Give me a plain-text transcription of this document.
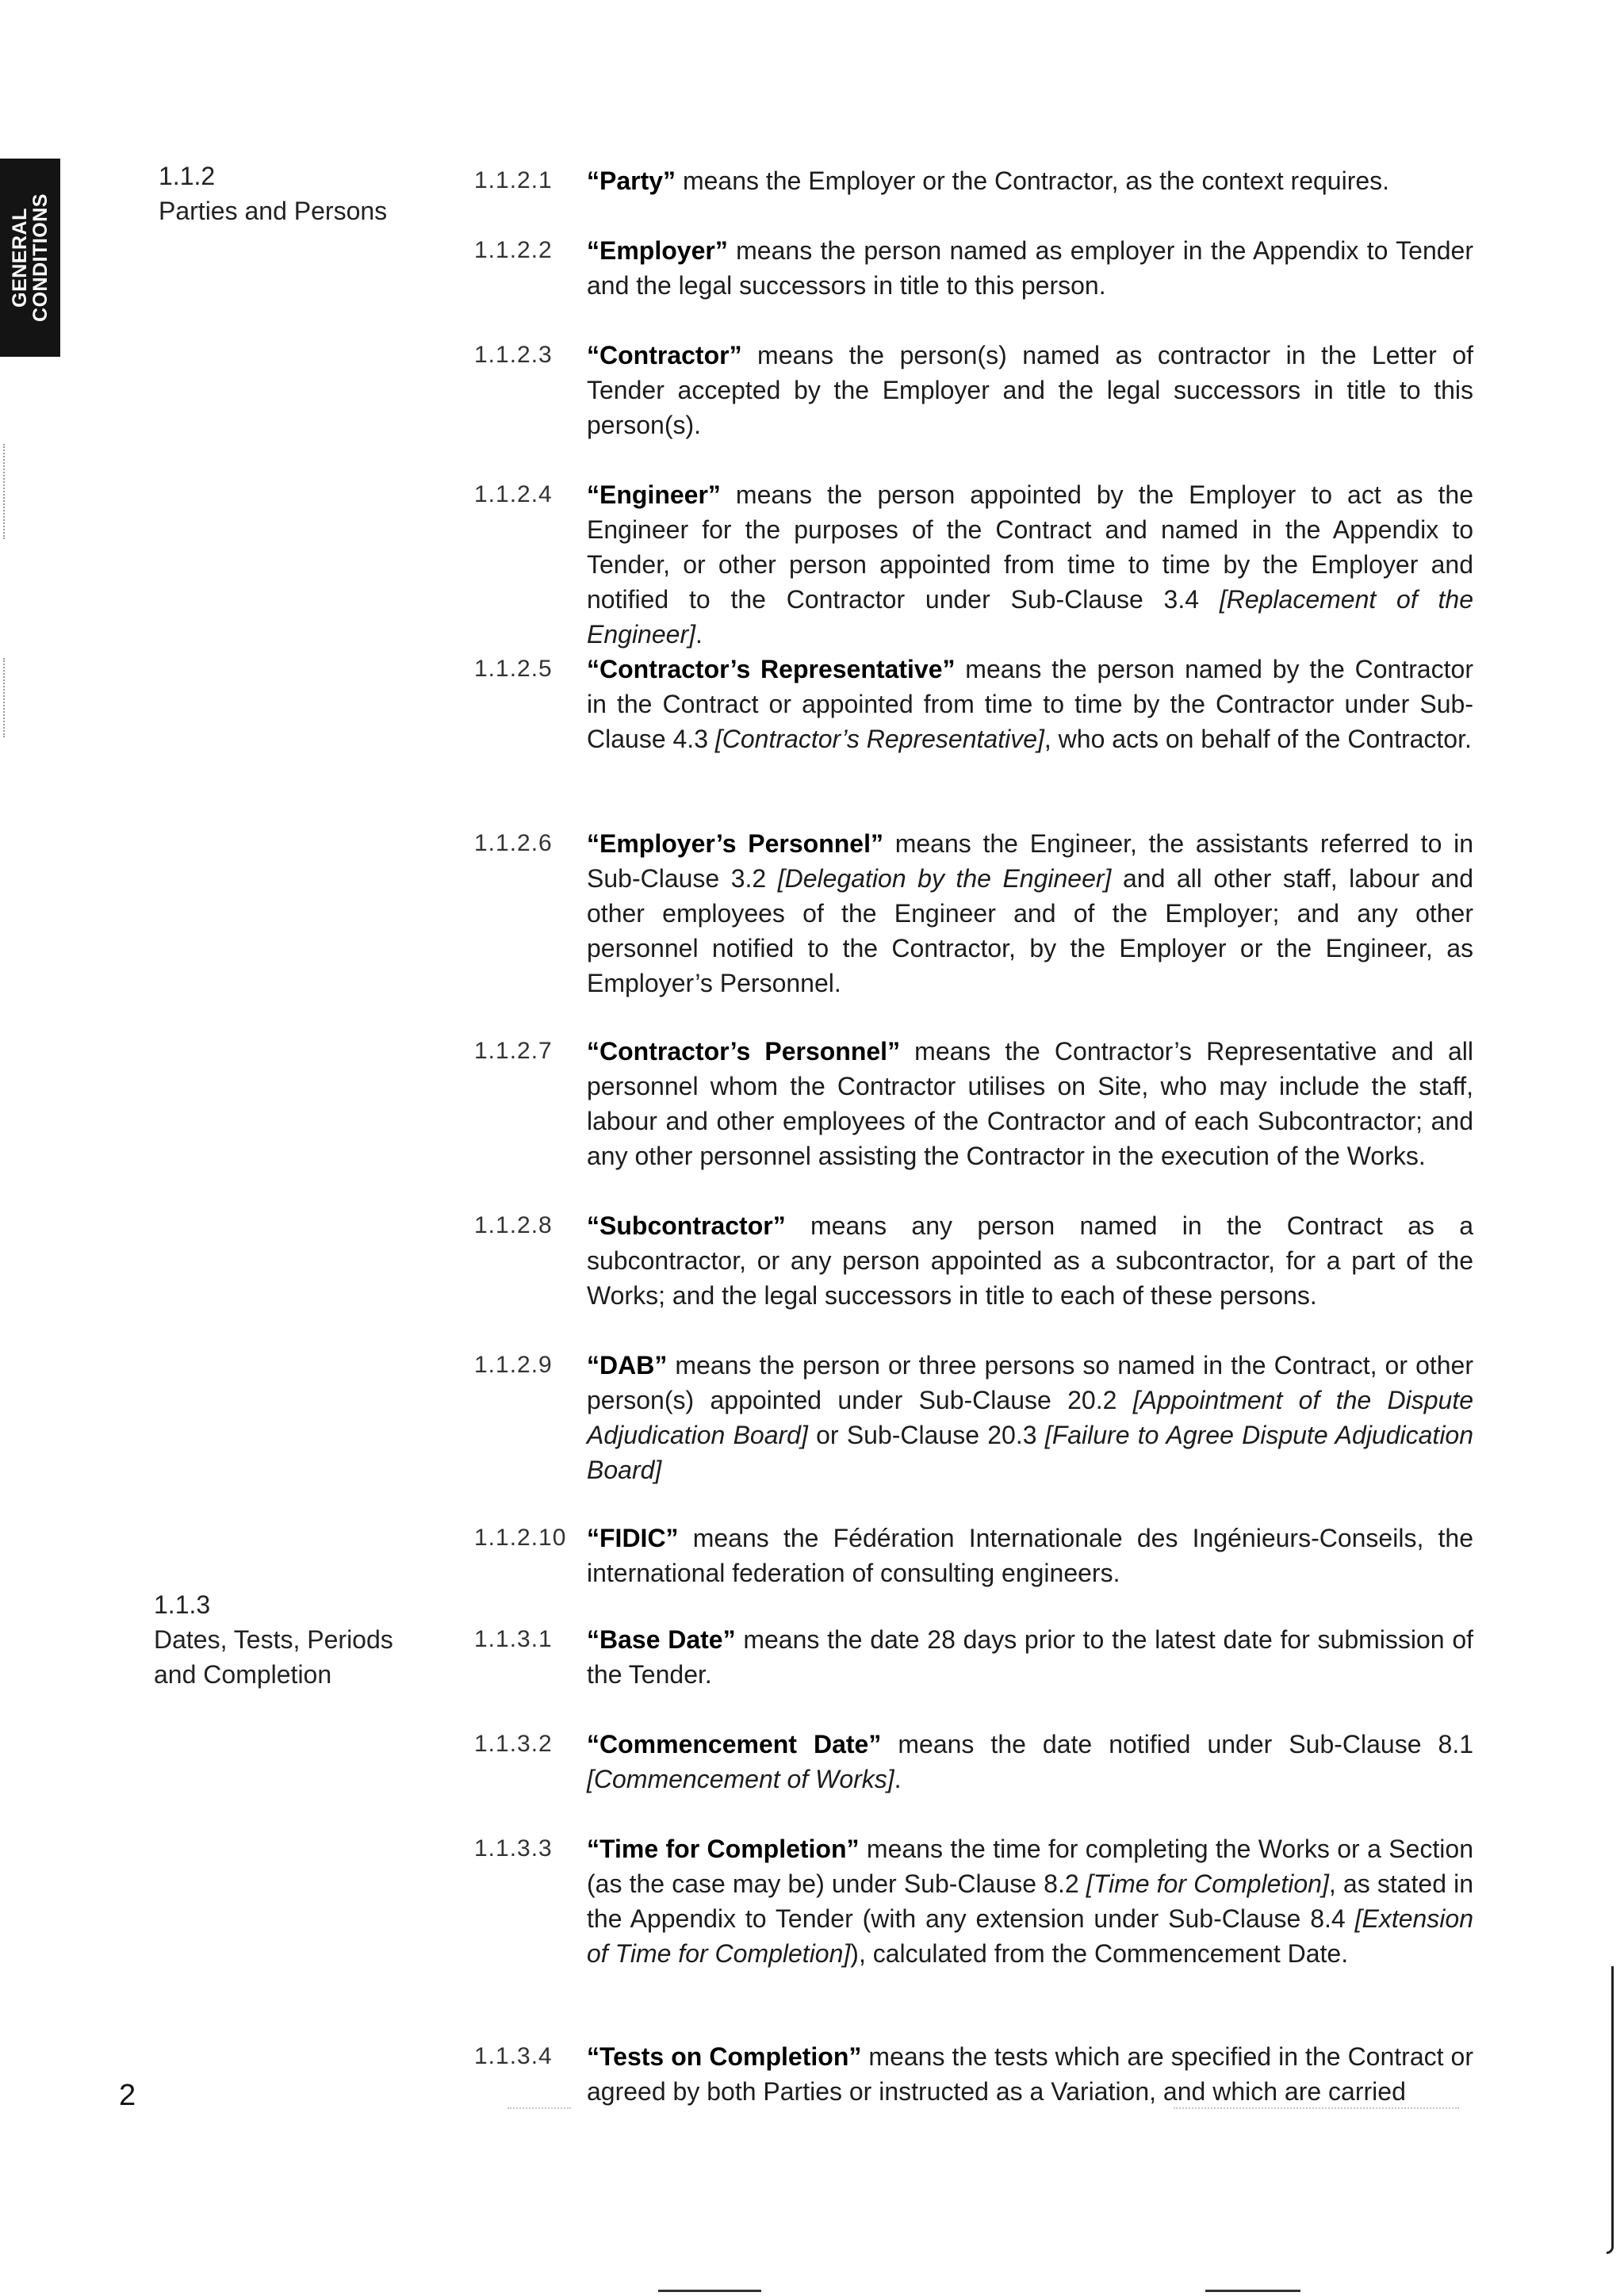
GENERAL
CONDITIONS
1.1.2
Parties and Persons
1.1.3
Dates, Tests, Periods
and Completion
1.1.2.1	“Party” means the Employer or the Contractor, as the context requires.
1.1.2.2	“Employer” means the person named as employer in the Appendix to Tender and the legal successors in title to this person.
1.1.2.3	“Contractor” means the person(s) named as contractor in the Letter of Tender accepted by the Employer and the legal successors in title to this person(s).
1.1.2.4	“Engineer” means the person appointed by the Employer to act as the Engineer for the purposes of the Contract and named in the Appendix to Tender, or other person appointed from time to time by the Employer and notified to the Contractor under Sub-Clause 3.4 [Replacement of the Engineer].
1.1.2.5	“Contractor’s Representative” means the person named by the Contractor in the Contract or appointed from time to time by the Contractor under Sub-Clause 4.3 [Contractor’s Representative], who acts on behalf of the Contractor.
1.1.2.6	“Employer’s Personnel” means the Engineer, the assistants referred to in Sub-Clause 3.2 [Delegation by the Engineer] and all other staff, labour and other employees of the Engineer and of the Employer; and any other personnel notified to the Contractor, by the Employer or the Engineer, as Employer’s Personnel.
1.1.2.7	“Contractor’s Personnel” means the Contractor’s Representative and all personnel whom the Contractor utilises on Site, who may include the staff, labour and other employees of the Contractor and of each Subcontractor; and any other personnel assisting the Contractor in the execution of the Works.
1.1.2.8	“Subcontractor” means any person named in the Contract as a subcontractor, or any person appointed as a subcontractor, for a part of the Works; and the legal successors in title to each of these persons.
1.1.2.9	“DAB” means the person or three persons so named in the Contract, or other person(s) appointed under Sub-Clause 20.2 [Appointment of the Dispute Adjudication Board] or Sub-Clause 20.3 [Failure to Agree Dispute Adjudication Board]
1.1.2.10 “FIDIC” means the Fédération Internationale des Ingénieurs-Conseils, the international federation of consulting engineers.
1.1.3.1	“Base Date” means the date 28 days prior to the latest date for submission of the Tender.
1.1.3.2	“Commencement Date” means the date notified under Sub-Clause 8.1 [Commencement of Works].
1.1.3.3	“Time for Completion” means the time for completing the Works or a Section (as the case may be) under Sub-Clause 8.2 [Time for Completion], as stated in the Appendix to Tender (with any extension under Sub-Clause 8.4 [Extension of Time for Completion]), calculated from the Commencement Date.
1.1.3.4	“Tests on Completion” means the tests which are specified in the Contract or agreed by both Parties or instructed as a Variation, and which are carried
2
